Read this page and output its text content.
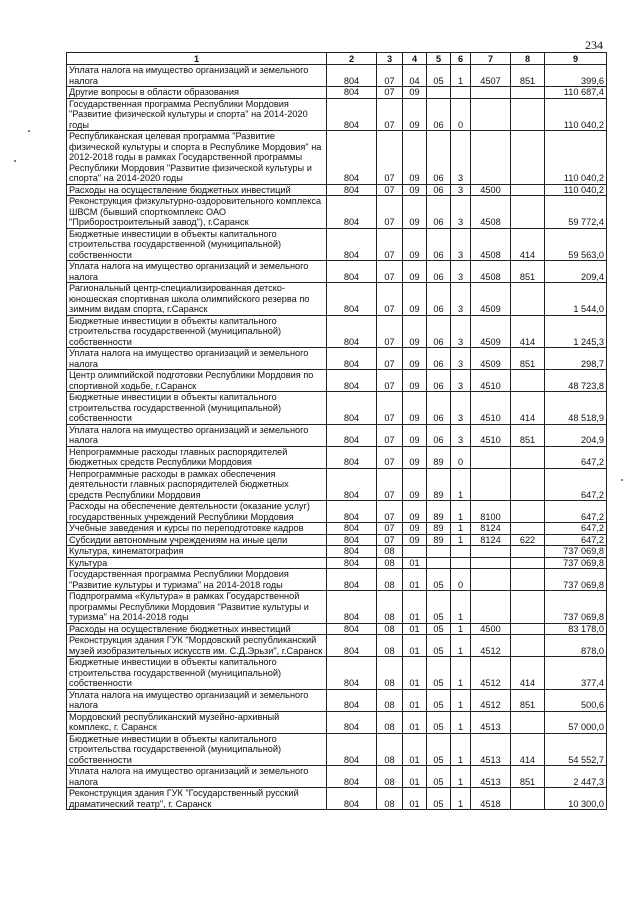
234
1	2	3	4	5	6	7	8	9
Уплата налога на имущество организаций и земельного налога	804	07	04	05	1	4507	851	399,6
Другие вопросы в области образования	804	07	09					110 687,4
Государственная программа Республики Мордовия "Развитие физической культуры и спорта" на 2014-2020 годы	804	07	09	06	0			110 040,2
Республиканская целевая программа "Развитие физической культуры и спорта в Республике Мордовия" на 2012-2018 годы в рамках Государственной программы Республики Мордовия "Развитие физической культуры и спорта" на 2014-2020 годы	804	07	09	06	3			110 040,2
Расходы на осуществление бюджетных инвестиций	804	07	09	06	3	4500		110 040,2
Реконструкция физкультурно-оздоровительного комплекса ШВСМ (бывший спорткомплекс ОАО "Приборостроительный завод"), г.Саранск	804	07	09	06	3	4508		59 772,4
Бюджетные инвестиции в объекты капитального строительства государственной (муниципальной) собственности	804	07	09	06	3	4508	414	59 563,0
Уплата налога на имущество организаций и земельного налога	804	07	09	06	3	4508	851	209,4
Рагиональный центр-специализированная детско-юношеская спортивная школа олимпийского резерва по зимним видам спорта, г.Саранск	804	07	09	06	3	4509		1 544,0
Бюджетные инвестиции в объекты капитального строительства государственной (муниципальной) собственности	804	07	09	06	3	4509	414	1 245,3
Уплата налога на имущество организаций и земельного налога	804	07	09	06	3	4509	851	298,7
Центр олимпийской подготовки Республики Мордовия по спортивной ходьбе, г.Саранск	804	07	09	06	3	4510		48 723,8
Бюджетные инвестиции в объекты капитального строительства государственной (муниципальной) собственности	804	07	09	06	3	4510	414	48 518,9
Уплата налога на имущество организаций и земельного налога	804	07	09	06	3	4510	851	204,9
Непрограммные расходы главных распорядителей бюджетных средств Республики Мордовия	804	07	09	89	0			647,2
Непрограммные расходы в рамках обеспечения деятельности главных распорядителей бюджетных средств Республики Мордовия	804	07	09	89	1			647,2
Расходы на обеспечение деятельности (оказание услуг) государственных учреждений Республики Мордовия	804	07	09	89	1	8100		647,2
Учебные заведения и курсы по переподготовке кадров	804	07	09	89	1	8124		647,2
Субсидии автономным учреждениям на иные цели	804	07	09	89	1	8124	622	647,2
Культура, кинематография	804	08						737 069,8
Культура	804	08	01					737 069,8
Государственная программа Республики Мордовия "Развитие культуры и туризма" на 2014-2018 годы	804	08	01	05	0			737 069,8
Подпрограмма «Культура» в рамках Государственной программы Республики Мордовия "Развитие культуры и туризма" на 2014-2018 годы	804	08	01	05	1			737 069,8
Расходы на осуществление бюджетных инвестиций	804	08	01	05	1	4500		83 178,0
Реконструкция здания ГУК "Мордовский республиканский музей изобразительных искусств им. С.Д.Эрьзи", г.Саранск	804	08	01	05	1	4512		878,0
Бюджетные инвестиции в объекты капитального строительства государственной (муниципальной) собственности	804	08	01	05	1	4512	414	377,4
Уплата налога на имущество организаций и земельного налога	804	08	01	05	1	4512	851	500,6
Мордовский республиканский музейно-архивный комплекс, г. Саранск	804	08	01	05	1	4513		57 000,0
Бюджетные инвестиции в объекты капитального строительства государственной (муниципальной) собственности	804	08	01	05	1	4513	414	54 552,7
Уплата налога на имущество организаций и земельного налога	804	08	01	05	1	4513	851	2 447,3
Реконструкция здания ГУК "Государственный русский драматический театр", г. Саранск	804	08	01	05	1	4518		10 300,0
